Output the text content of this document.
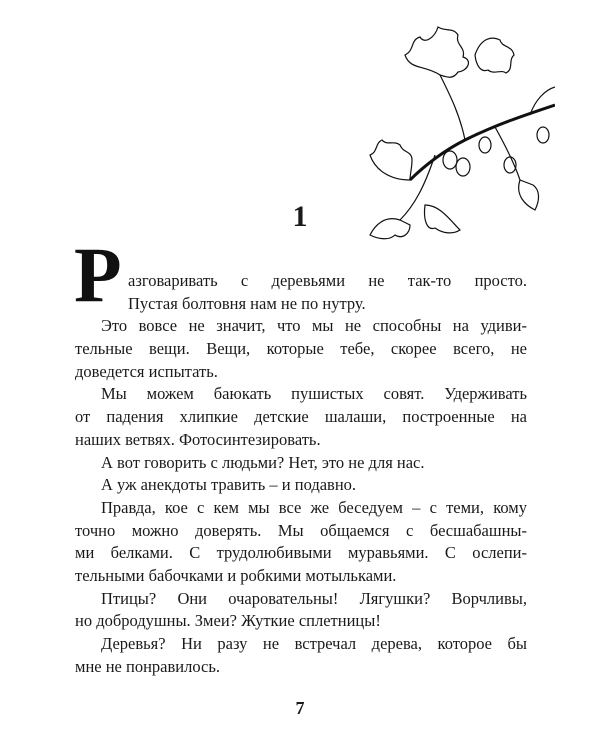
1
Р азговаривать с деревьями не так-то просто.
Пустая болтовня нам не по нутру.
Это вовсе не значит, что мы не способны на удиви-
тельные вещи. Вещи, которые тебе, скорее всего, не
доведется испытать.
Мы можем баюкать пушистых совят. Удерживать
от падения хлипкие детские шалаши, построенные на
наших ветвях. Фотосинтезировать.
А вот говорить с людьми? Нет, это не для нас.
А уж анекдоты травить – и подавно.
Правда, кое с кем мы все же беседуем – с теми, кому
точно можно доверять. Мы общаемся с бесшабашны-
ми белками. С трудолюбивыми муравьями. С ослепи-
тельными бабочками и робкими мотыльками.
Птицы? Они очаровательны! Лягушки? Ворчливы,
но добродушны. Змеи? Жуткие сплетницы!
Деревья? Ни разу не встречал дерева, которое бы
мне не понравилось.
7
